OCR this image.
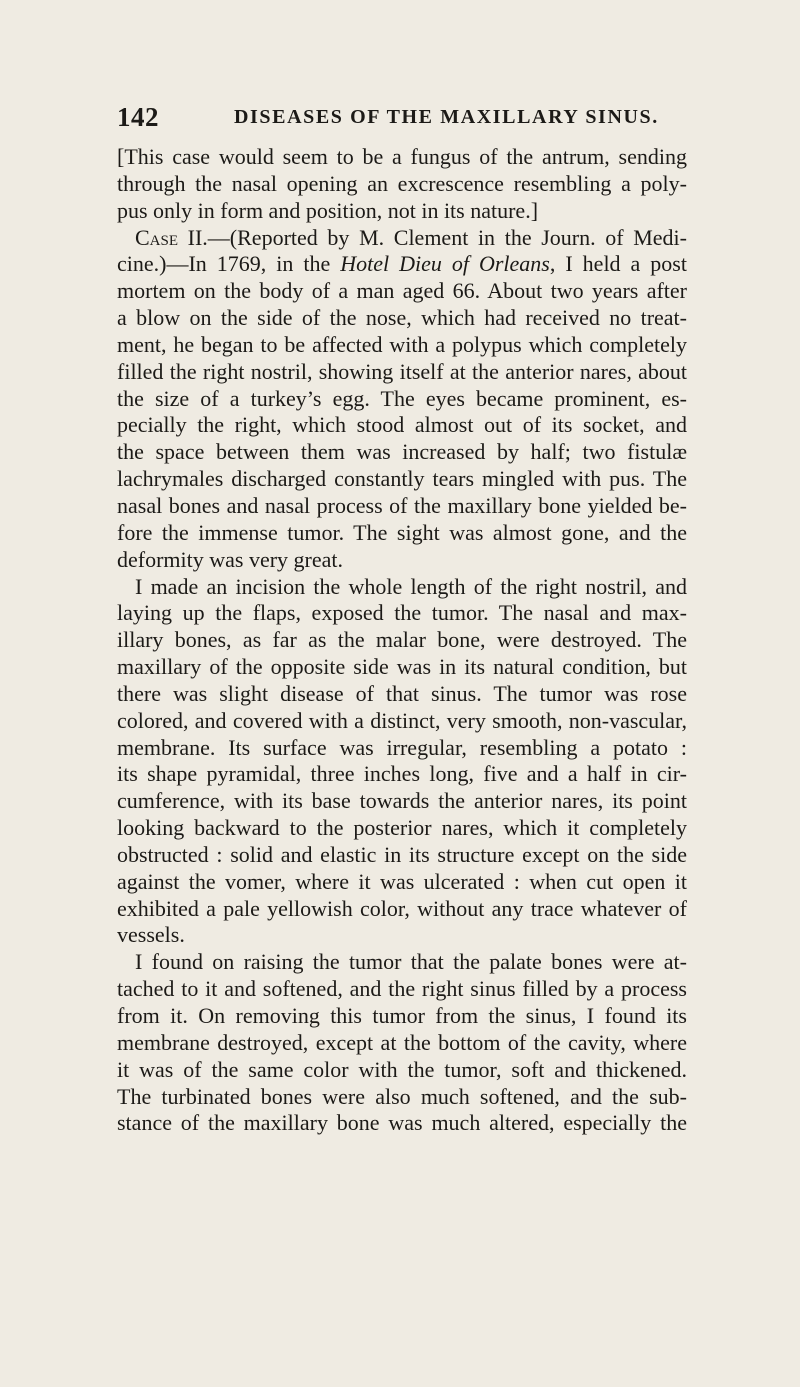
142	DISEASES OF THE MAXILLARY SINUS.
[This case would seem to be a fungus of the antrum, sending
through the nasal opening an excrescence resembling a poly-
pus only in form and position, not in its nature.]
Case II.—(Reported by M. Clement in the Journ. of Medi-
cine.)—In 1769, in the Hotel Dieu of Orleans, I held a post
mortem on the body of a man aged 66. About two years after
a blow on the side of the nose, which had received no treat-
ment, he began to be affected with a polypus which completely
filled the right nostril, showing itself at the anterior nares, about
the size of a turkey’s egg. The eyes became prominent, es-
pecially the right, which stood almost out of its socket, and
the space between them was increased by half; two fistulæ
lachrymales discharged constantly tears mingled with pus. The
nasal bones and nasal process of the maxillary bone yielded be-
fore the immense tumor. The sight was almost gone, and the
deformity was very great.
I made an incision the whole length of the right nostril, and
laying up the flaps, exposed the tumor. The nasal and max-
illary bones, as far as the malar bone, were destroyed. The
maxillary of the opposite side was in its natural condition, but
there was slight disease of that sinus. The tumor was rose
colored, and covered with a distinct, very smooth, non-vascular,
membrane. Its surface was irregular, resembling a potato :
its shape pyramidal, three inches long, five and a half in cir-
cumference, with its base towards the anterior nares, its point
looking backward to the posterior nares, which it completely
obstructed : solid and elastic in its structure except on the side
against the vomer, where it was ulcerated : when cut open it
exhibited a pale yellowish color, without any trace whatever of
vessels.
I found on raising the tumor that the palate bones were at-
tached to it and softened, and the right sinus filled by a process
from it. On removing this tumor from the sinus, I found its
membrane destroyed, except at the bottom of the cavity, where
it was of the same color with the tumor, soft and thickened.
The turbinated bones were also much softened, and the sub-
stance of the maxillary bone was much altered, especially the
